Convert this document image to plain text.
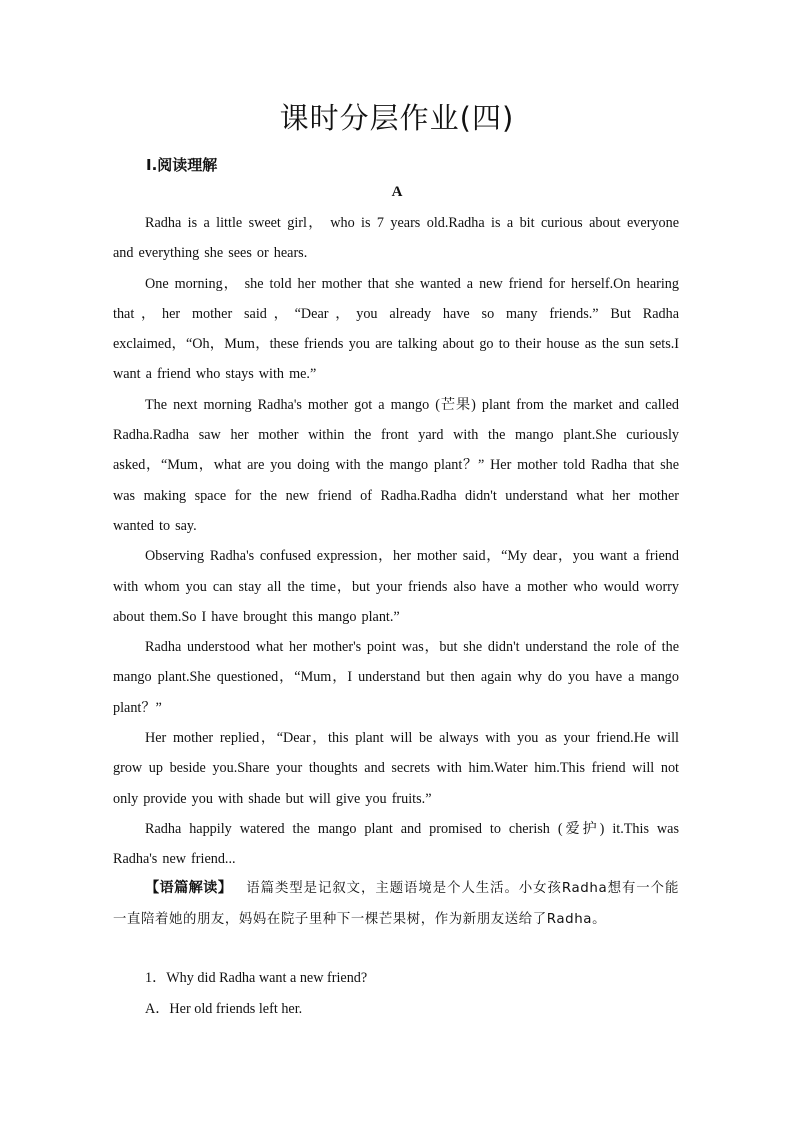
课时分层作业(四)
Ⅰ.阅读理解
A

Radha is a little sweet girl， who is 7 years old.Radha is a bit curious about everyone and everything she sees or hears.

One morning， she told her mother that she wanted a new friend for herself.On hearing that，her mother said，“Dear，you already have so many friends.” But Radha exclaimed，“Oh，Mum，these friends you are talking about go to their house as the sun sets.I want a friend who stays with me.”

The next morning Radha's mother got a mango (芒果) plant from the market and called Radha.Radha saw her mother within the front yard with the mango plant.She curiously asked，“Mum，what are you doing with the mango plant？” Her mother told Radha that she was making space for the new friend of Radha.Radha didn't understand what her mother wanted to say.

Observing Radha's confused expression，her mother said，“My dear，you want a friend with whom you can stay all the time，but your friends also have a mother who would worry about them.So I have brought this mango plant.”

Radha understood what her mother's point was，but she didn't understand the role of the mango plant.She questioned，“Mum，I understand but then again why do you have a mango plant？”

Her mother replied，“Dear，this plant will be always with you as your friend.He will grow up beside you.Share your thoughts and secrets with him.Water him.This friend will not only provide you with shade but will give you fruits.”

Radha happily watered the mango plant and promised to cherish (爱护) it.This was Radha's new friend...

【语篇解读】 语篇类型是记叙文，主题语境是个人生活。小女孩Radha想有一个能一直陪着她的朋友，妈妈在院子里种下一棵芒果树，作为新朋友送给了Radha。
1．Why did Radha want a new friend?
A．Her old friends left her.
